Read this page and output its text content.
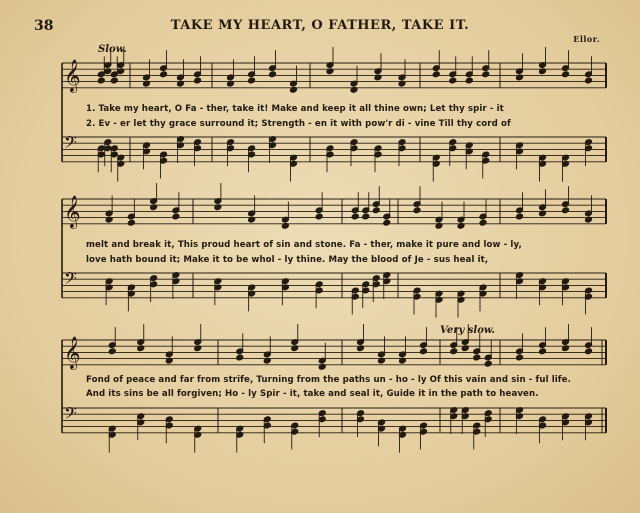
38	TAKE MY HEART, O FATHER, TAKE IT.
Ellor.
Slow.
Very slow.
𝄞
𝄢
𝄞
𝄢
𝄞
𝄢
1. Take my heart, O Fa - ther, take it! Make and keep it all thine own; Let thy spir - it
2. Ev - er let thy grace surround it; Strength - en it with pow'r di - vine Till thy cord of
melt and break it, This proud heart of sin and stone. Fa - ther, make it pure and low - ly,
love hath bound it; Make it to be whol - ly thine. May the blood of Je - sus heal it,
Fond of peace and far from strife, Turning from the paths un - ho - ly Of this vain and sin - ful life.
And its sins be all forgiven; Ho - ly Spir - it, take and seal it, Guide it in the path to heaven.
